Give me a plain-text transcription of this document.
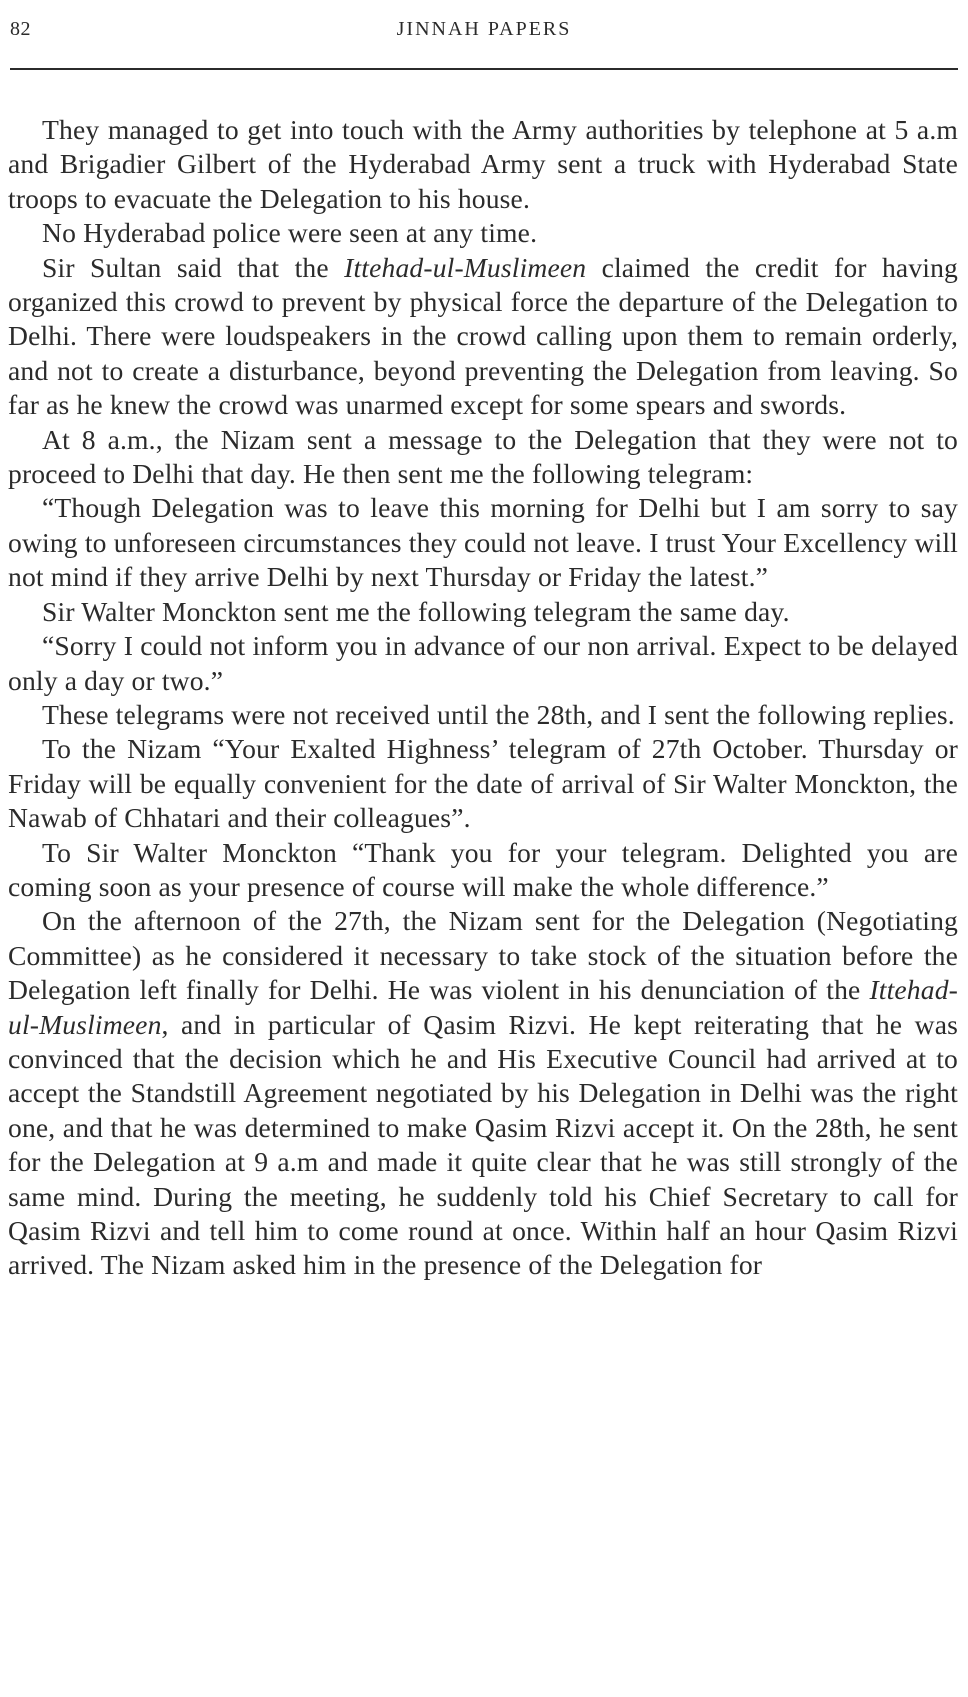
82	JINNAH PAPERS

They managed to get into touch with the Army authorities by telephone at 5 a.m and Brigadier Gilbert of the Hyderabad Army sent a truck with Hyderabad State troops to evacuate the Delegation to his house.

No Hyderabad police were seen at any time.

Sir Sultan said that the Ittehad-ul-Muslimeen claimed the credit for having organized this crowd to prevent by physical force the departure of the Delegation to Delhi. There were loudspeakers in the crowd calling upon them to remain orderly, and not to create a disturbance, beyond preventing the Delegation from leaving. So far as he knew the crowd was unarmed except for some spears and swords.

At 8 a.m., the Nizam sent a message to the Delegation that they were not to proceed to Delhi that day. He then sent me the following telegram:

“Though Delegation was to leave this morning for Delhi but I am sorry to say owing to unforeseen circumstances they could not leave. I trust Your Excellency will not mind if they arrive Delhi by next Thursday or Friday the latest.”

Sir Walter Monckton sent me the following telegram the same day.

“Sorry I could not inform you in advance of our non arrival. Expect to be delayed only a day or two.”

These telegrams were not received until the 28th, and I sent the following replies.

To the Nizam “Your Exalted Highness’ telegram of 27th October. Thursday or Friday will be equally convenient for the date of arrival of Sir Walter Monckton, the Nawab of Chhatari and their colleagues”.

To Sir Walter Monckton “Thank you for your telegram. Delighted you are coming soon as your presence of course will make the whole difference.”

On the afternoon of the 27th, the Nizam sent for the Delegation (Negotiating Committee) as he considered it necessary to take stock of the situation before the Delegation left finally for Delhi. He was violent in his denunciation of the Ittehad-ul-Muslimeen, and in particular of Qasim Rizvi. He kept reiterating that he was convinced that the decision which he and His Executive Council had arrived at to accept the Standstill Agreement negotiated by his Delegation in Delhi was the right one, and that he was determined to make Qasim Rizvi accept it. On the 28th, he sent for the Delegation at 9 a.m and made it quite clear that he was still strongly of the same mind. During the meeting, he suddenly told his Chief Secretary to call for Qasim Rizvi and tell him to come round at once. Within half an hour Qasim Rizvi arrived. The Nizam asked him in the presence of the Delegation for
